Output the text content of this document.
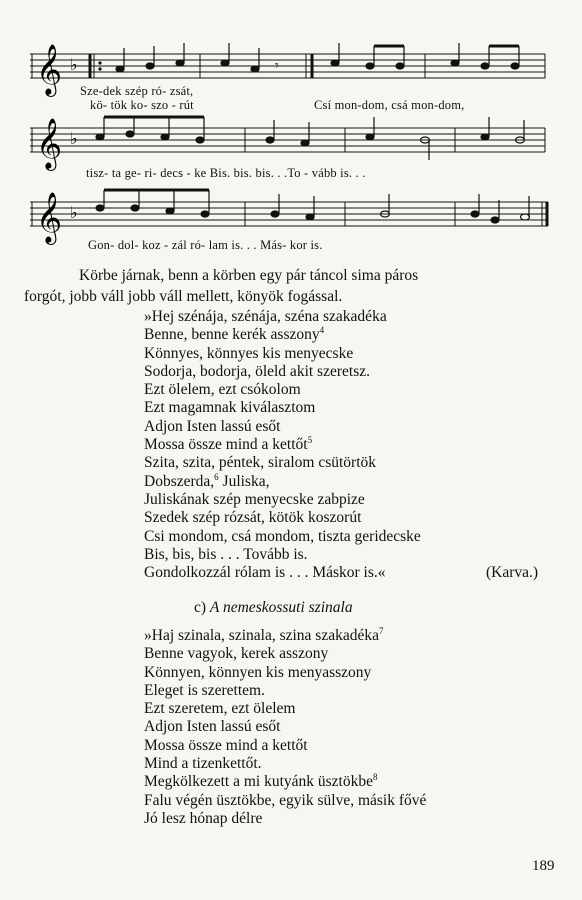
𝄞 ♭	𝄾
Sze-dek szép ró- zsát,
kö- tök ko- szo - rút	Csí mon-dom, csá mon-dom,
𝄞 ♭
tisz- ta ge- ri- decs - ke Bis. bis. bis. . .To - vább is. . .
𝄞 ♭
Gon- dol- koz - zál ró- lam is. . . Más- kor is.
Körbe járnak, benn a körben egy pár táncol sima páros
forgót, jobb váll jobb váll mellett, könyök fogással.
»Hej szénája, szénája, széna szakadéka
Benne, benne kerék asszony$^4$
Könnyes, könnyes kis menyecske
Sodorja, bodorja, öleld akit szeretsz.
Ezt ölelem, ezt csókolom
Ezt magamnak kiválasztom
Adjon Isten lassú esőt
Mossa össze mind a kettőt$^5$
Szita, szita, péntek, siralom csütörtök
Dobszerda,$^6$ Juliska,
Juliskának szép menyecske zabpize
Szedek szép rózsát, kötök koszorút
Csi mondom, csá mondom, tiszta geridecske
Bis, bis, bis . . . Tovább is.
Gondolkozzál rólam is . . . Máskor is.«	(Karva.)
c) A nemeskossuti szinala
»Haj szinala, szinala, szina szakadéka$^7$
Benne vagyok, kerek asszony
Könnyen, könnyen kis menyasszony
Eleget is szerettem.
Ezt szeretem, ezt ölelem
Adjon Isten lassú esőt
Mossa össze mind a kettőt
Mind a tizenkettőt.
Megkölkezett a mi kutyánk üsztökbe$^8$
Falu végén üsztökbe, egyik sülve, másik fővé
Jó lesz hónap délre
189
